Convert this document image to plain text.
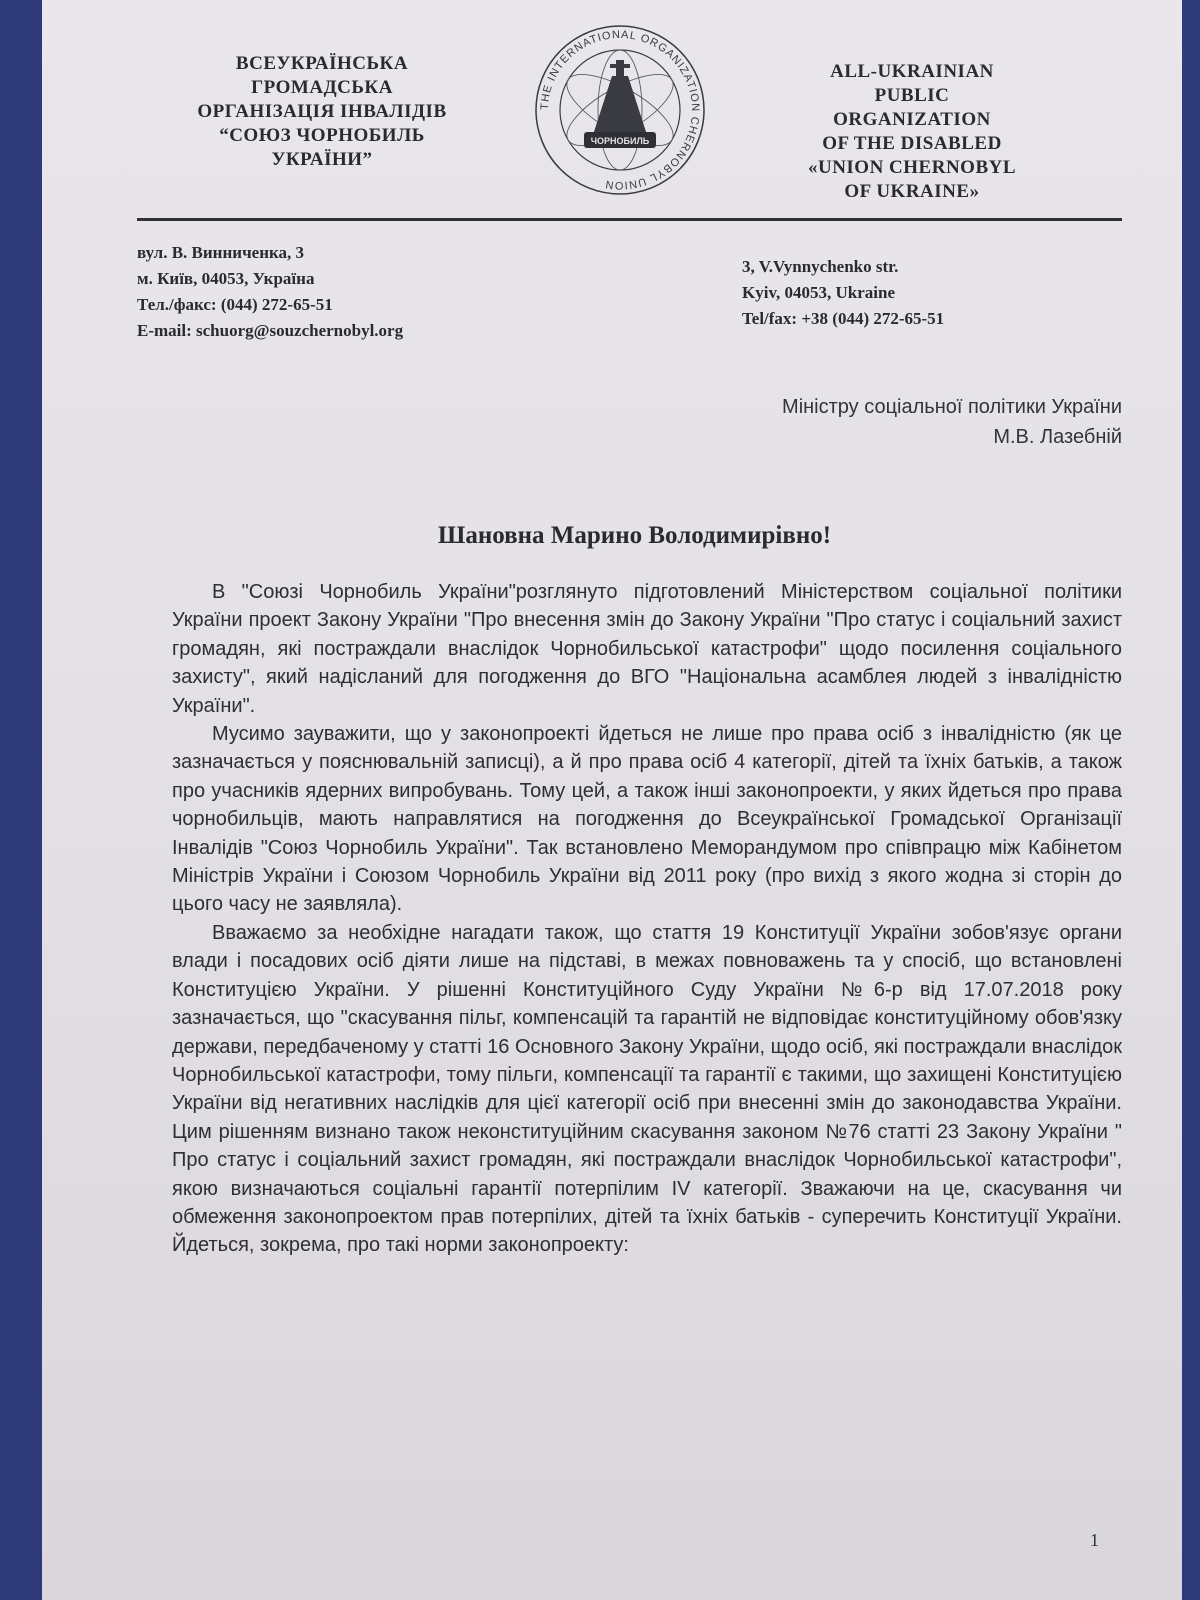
ВСЕУКРАЇНСЬКА
ГРОМАДСЬКА
ОРГАНІЗАЦІЯ ІНВАЛІДІВ
“СОЮЗ ЧОРНОБИЛЬ
УКРАЇНИ”
THE INTERNATIONAL ORGANIZATION CHERNOBYL UNION
ЧОРНОБИЛЬ
ALL-UKRAINIAN
PUBLIC
ORGANIZATION
OF THE DISABLED
«UNION CHERNOBYL
OF UKRAINE»
вул. В. Винниченка, 3
м. Київ, 04053, Україна
Тел./факс: (044) 272-65-51
E-mail: schuorg@souzchernobyl.org
3, V.Vynnychenko str.
Kyiv, 04053, Ukraine
Tel/fax: +38 (044) 272-65-51
Міністру соціальної політики України
М.В. Лазебній
Шановна Марино Володимирівно!

В "Союзі Чорнобиль України"розглянуто підготовлений Міністерством соціальної політики України проект Закону України "Про внесення змін до Закону України "Про статус і соціальний захист громадян, які постраждали внаслідок Чорнобильської катастрофи" щодо посилення соціального захисту", який надісланий для погодження до ВГО "Національна асамблея людей з інвалідністю України".

Мусимо зауважити, що у законопроекті йдеться не лише про права осіб з інвалідністю (як це зазначається у пояснювальній записці), а й про права осіб 4 категорії, дітей та їхніх батьків, а також про учасників ядерних випробувань. Тому цей, а також інші законопроекти, у яких йдеться про права чорнобильців, мають направлятися на погодження до Всеукраїнської Громадської Організації Інвалідів "Союз Чорнобиль України". Так встановлено Меморандумом про співпрацю між Кабінетом Міністрів України і Союзом Чорнобиль України від 2011 року (про вихід з якого жодна зі сторін до цього часу не заявляла).

Вважаємо за необхідне нагадати також, що стаття 19 Конституції України зобов'язує органи влади і посадових осіб діяти лише на підставі, в межах повноважень та у спосіб, що встановлені Конституцією України. У рішенні Конституційного Суду України №6-р від 17.07.2018 року зазначається, що "скасування пільг, компенсацій та гарантій не відповідає конституційному обов'язку держави, передбаченому у статті 16 Основного Закону України, щодо осіб, які постраждали внаслідок Чорнобильської катастрофи, тому пільги, компенсації та гарантії є такими, що захищені Конституцією України від негативних наслідків для цієї категорії осіб при внесенні змін до законодавства України. Цим рішенням визнано також неконституційним скасування законом №76 статті 23 Закону України " Про статус і соціальний захист громадян, які постраждали внаслідок Чорнобильської катастрофи", якою визначаються соціальні гарантії потерпілим IV категорії. Зважаючи на це, скасування чи обмеження законопроектом прав потерпілих, дітей та їхніх батьків - суперечить Конституції України. Йдеться, зокрема, про такі норми законопроекту:

1
